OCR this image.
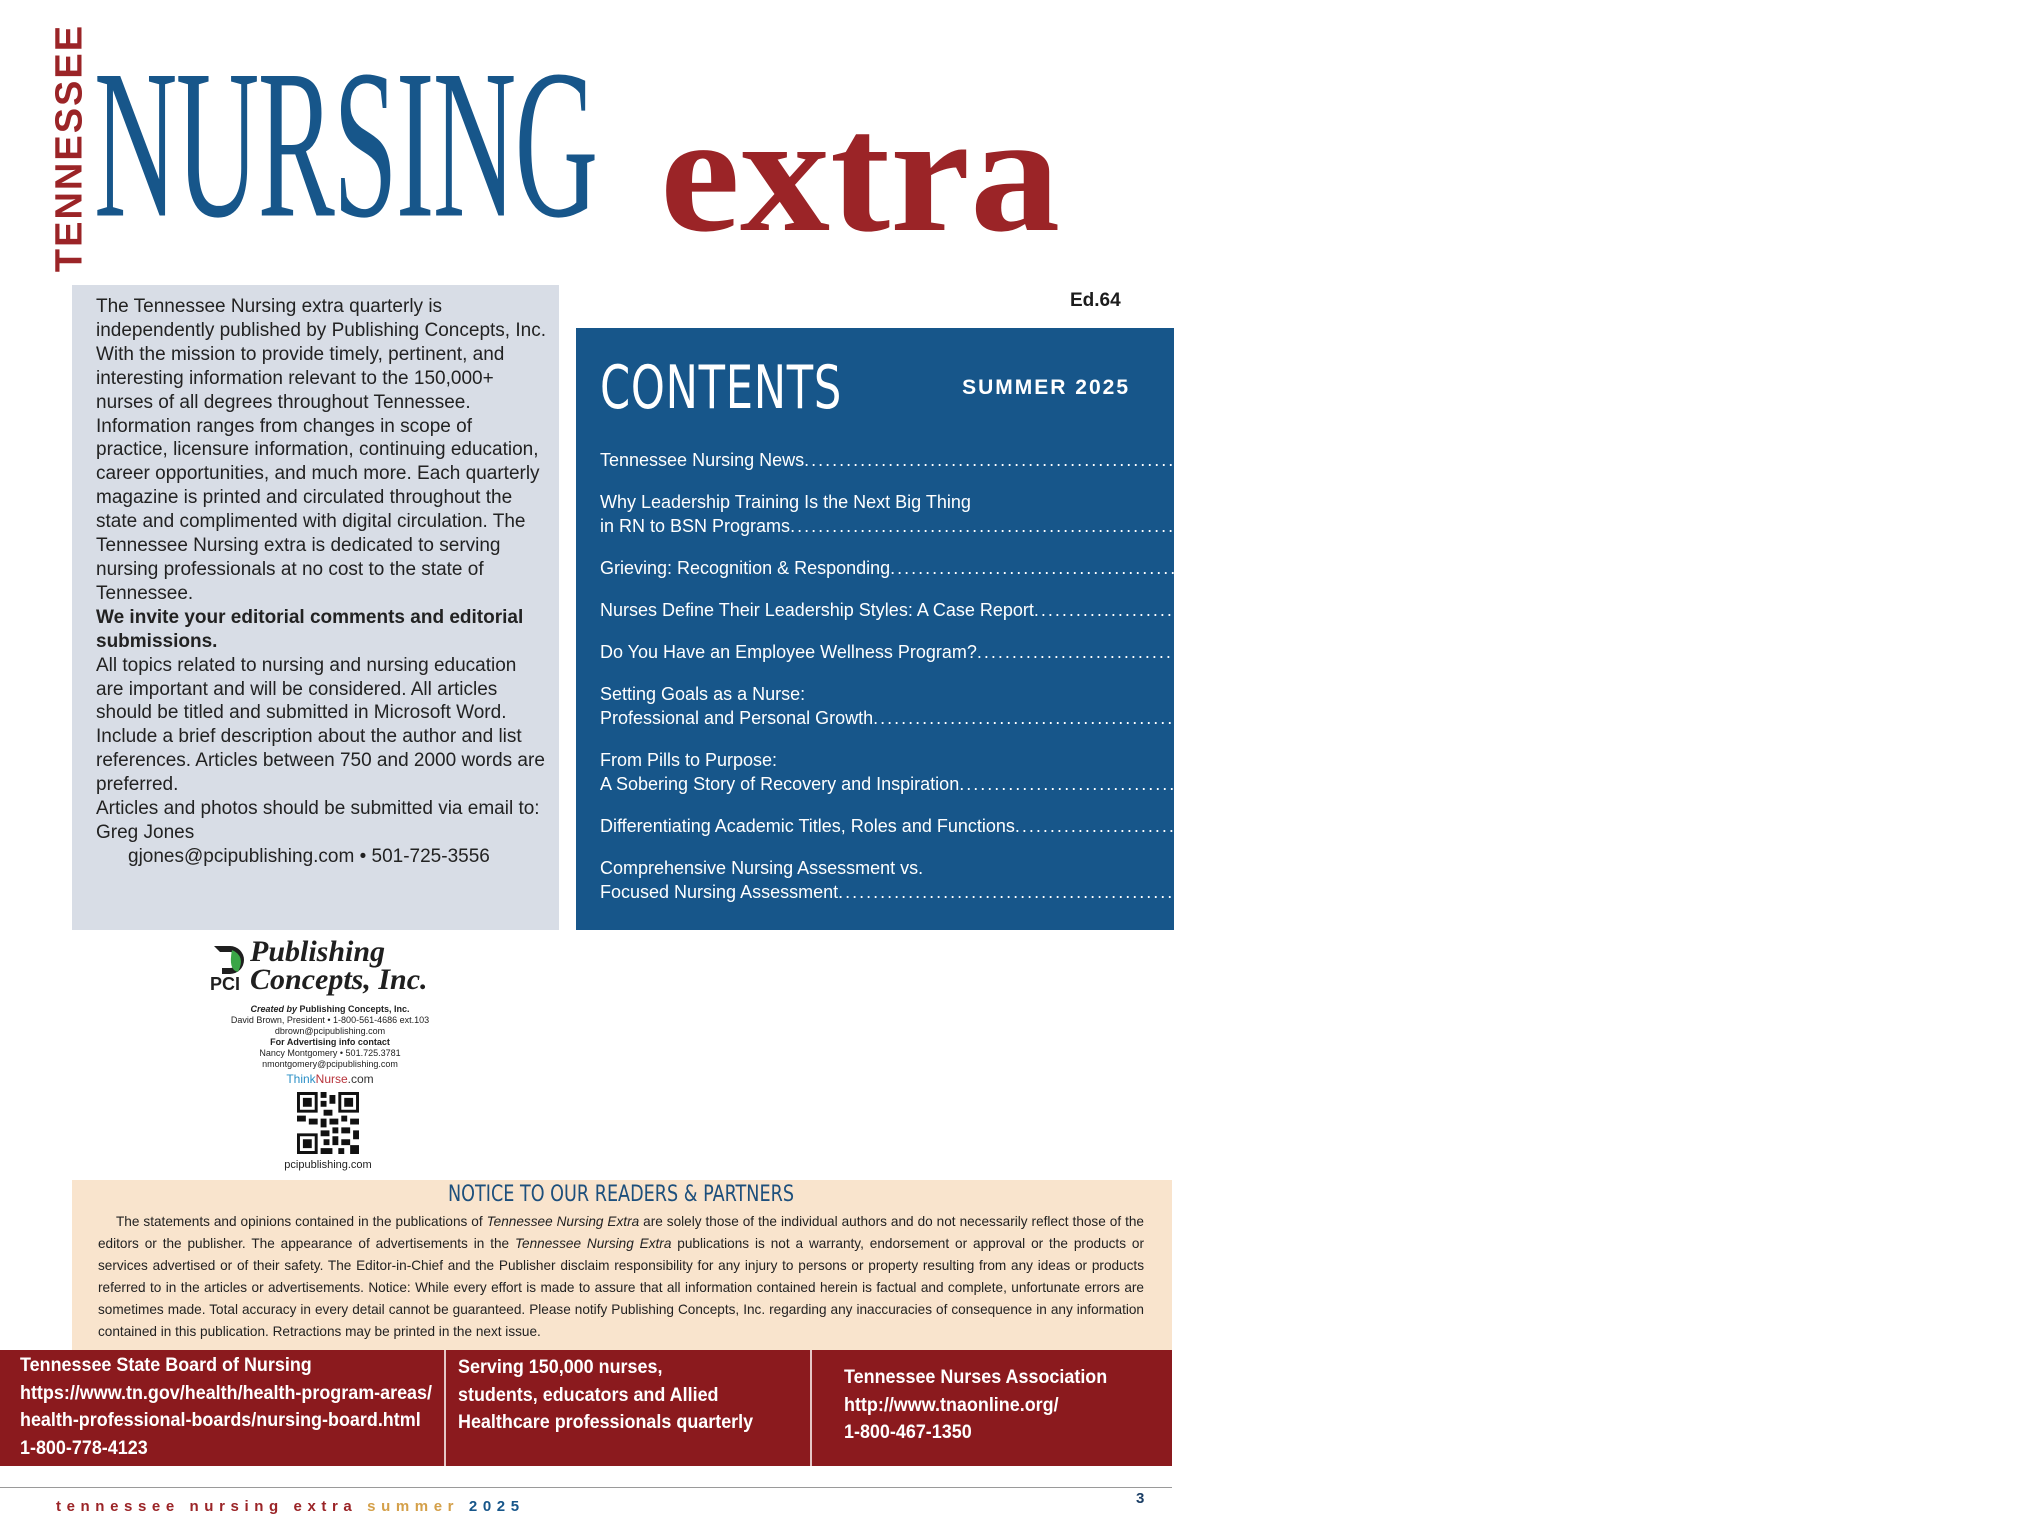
TENNESSEE NURSING extra

The Tennessee Nursing extra quarterly is independently published by Publishing Concepts, Inc. With the mission to provide timely, pertinent, and interesting information relevant to the 150,000+ nurses of all degrees throughout Tennessee. Information ranges from changes in scope of practice, licensure information, continuing education, career opportunities, and much more. Each quarterly magazine is printed and circulated throughout the state and complimented with digital circulation. The Tennessee Nursing extra is dedicated to serving nursing professionals at no cost to the state of Tennessee.

We invite your editorial comments and editorial submissions.

All topics related to nursing and nursing education are important and will be considered. All articles should be titled and submitted in Microsoft Word. Include a brief description about the author and list references. Articles between 750 and 2000 words are preferred.

Articles and photos should be submitted via email to: Greg Jones

gjones@pcipublishing.com • 501-725-3556

Ed.64
CONTENTS	SUMMER 2025
Tennessee Nursing News . . .	4
Why Leadership Training Is the Next Big Thing
in RN to BSN Programs . . .	9
Grieving: Recognition & Responding . . .	13
Nurses Define Their Leadership Styles: A Case Report . . .	15
Do You Have an Employee Wellness Program? . . .	20
Setting Goals as a Nurse:
Professional and Personal Growth . . .	23
From Pills to Purpose:
A Sobering Story of Recovery and Inspiration . . .	24
Differentiating Academic Titles, Roles and Functions . . .	26
Comprehensive Nursing Assessment vs.
Focused Nursing Assessment . . .	28
Publishing
Concepts, Inc.
PCI
Created by Publishing Concepts, Inc.
David Brown, President • 1-800-561-4686 ext.103
dbrown@pcipublishing.com
For Advertising info contact
Nancy Montgomery • 501.725.3781
nmontgomery@pcipublishing.com
ThinkNurse.com
pcipublishing.com
NOTICE TO OUR READERS & PARTNERS

The statements and opinions contained in the publications of Tennessee Nursing Extra are solely those of the individual authors and do not necessarily reflect those of the editors or the publisher. The appearance of advertisements in the Tennessee Nursing Extra publications is not a warranty, endorsement or approval or the products or services advertised or of their safety. The Editor-in-Chief and the Publisher disclaim responsibility for any injury to persons or property resulting from any ideas or products referred to in the articles or advertisements. Notice: While every effort is made to assure that all information contained herein is factual and complete, unfortunate errors are sometimes made. Total accuracy in every detail cannot be guaranteed. Please notify Publishing Concepts, Inc. regarding any inaccuracies of consequence in any information contained in this publication. Retractions may be printed in the next issue.

Tennessee State Board of Nursing
https://www.tn.gov/health/health-program-areas/
health-professional-boards/nursing-board.html
1-800-778-4123
Serving 150,000 nurses,
students, educators and Allied
Healthcare professionals quarterly
Tennessee Nurses Association
http://www.tnaonline.org/
1-800-467-1350
tennessee nursing extra summer 2025	3
